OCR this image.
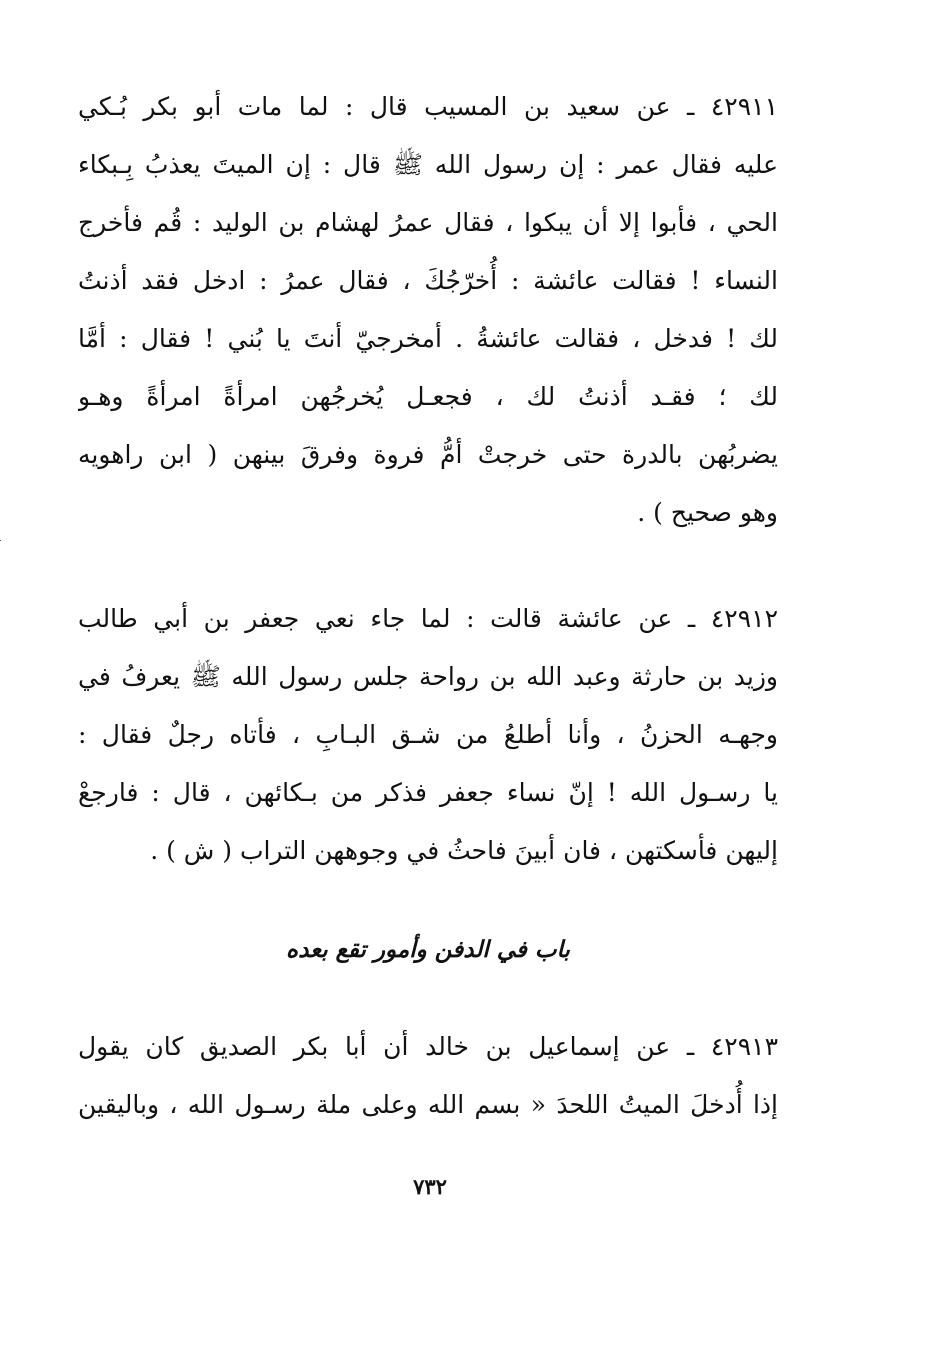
٤٢٩١١ ـ عن سعيد بن المسيب قال : لما مات أبو بكر بُـكي
عليه فقال عمر : إن رسول الله ﷺ قال : إن الميتَ يعذبُ بِـبكاء
الحي ، فأبوا إلا أن يبكوا ، فقال عمرُ لهشام بن الوليد : قُم فأخرج
النساء ! فقالت عائشة : أُخرّجُكَ ، فقال عمرُ : ادخل فقد أذنتُ
لك ! فدخل ، فقالت عائشةُ . أمخرجيّ أنتَ يا بُني ! فقال : أمَّا
لك ؛ فقـد أذنتُ لك ، فجعـل يُخرجُهن امرأةً امرأةً وهـو
يضربُهن بالدرة حتى خرجتْ أمُّ فروة وفرقَ بينهن ( ابن راهويه
وهو صحيح ) .
٤٢٩١٢ ـ عن عائشة قالت : لما جاء نعي جعفر بن أبي طالب
وزيد بن حارثة وعبد الله بن رواحة جلس رسول الله ﷺ يعرفُ في
وجهـه الحزنُ ، وأنا أطلعُ من شـق البـابِ ، فأتاه رجلٌ فقال :
يا رسـول الله ! إنّ نساء جعفر فذكر من بـكائهن ، قال : فارجعْ
إليهن فأسكتهن ، فان أبينَ فاحثُ في وجوههن التراب ( ش ) .
باب في الدفن وأمور تقع بعده
٤٢٩١٣ ـ عن إسماعيل بن خالد أن أبا بكر الصديق كان يقول
إذا أُدخلَ الميتُ اللحدَ « بسم الله وعلى ملة رسـول الله ، وباليقين
٧٣٢
